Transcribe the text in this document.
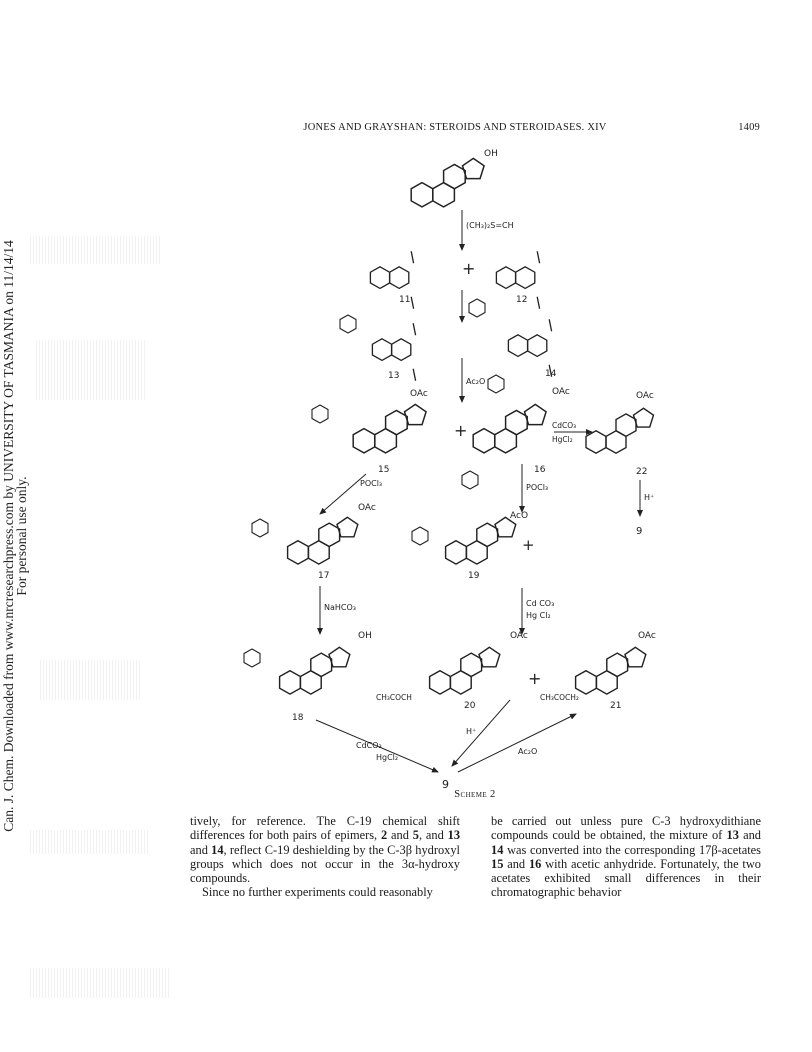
Can. J. Chem. Downloaded from www.nrcresearchpress.com by UNIVERSITY OF TASMANIA on 11/14/14
For personal use only.
JONES AND GRAYSHAN: STEROIDS AND STEROIDASES. XIV	1409
OH
(CH₃)₂S=CH
+
11	12
13	14
Ac₂O
OAc
15
+
OAc
16
CdCO₃
HgCl₂
OAc
22
H⁺
9
POCl₃	POCl₃
OAc
17
AcO
19
+
NaHCO₃	Cd CO₃
Hg Cl₂
OH
18
OAc
CH₃COCH
20
+
OAc
CH₃COCH₂
21
CdCO₃
HgCl₂
H⁺
Ac₂O
9
Scheme 2

tively, for reference. The C-19 chemical shift differences for both pairs of epimers, 2 and 5, and 13 and 14, reflect C-19 deshielding by the C-3β hydroxyl groups which does not occur in the 3α-hydroxy compounds.

Since no further experiments could reasonably

be carried out unless pure C-3 hydroxydithiane compounds could be obtained, the mixture of 13 and 14 was converted into the corresponding 17β-acetates 15 and 16 with acetic anhydride. Fortunately, the two acetates exhibited small differences in their chromatographic behavior
